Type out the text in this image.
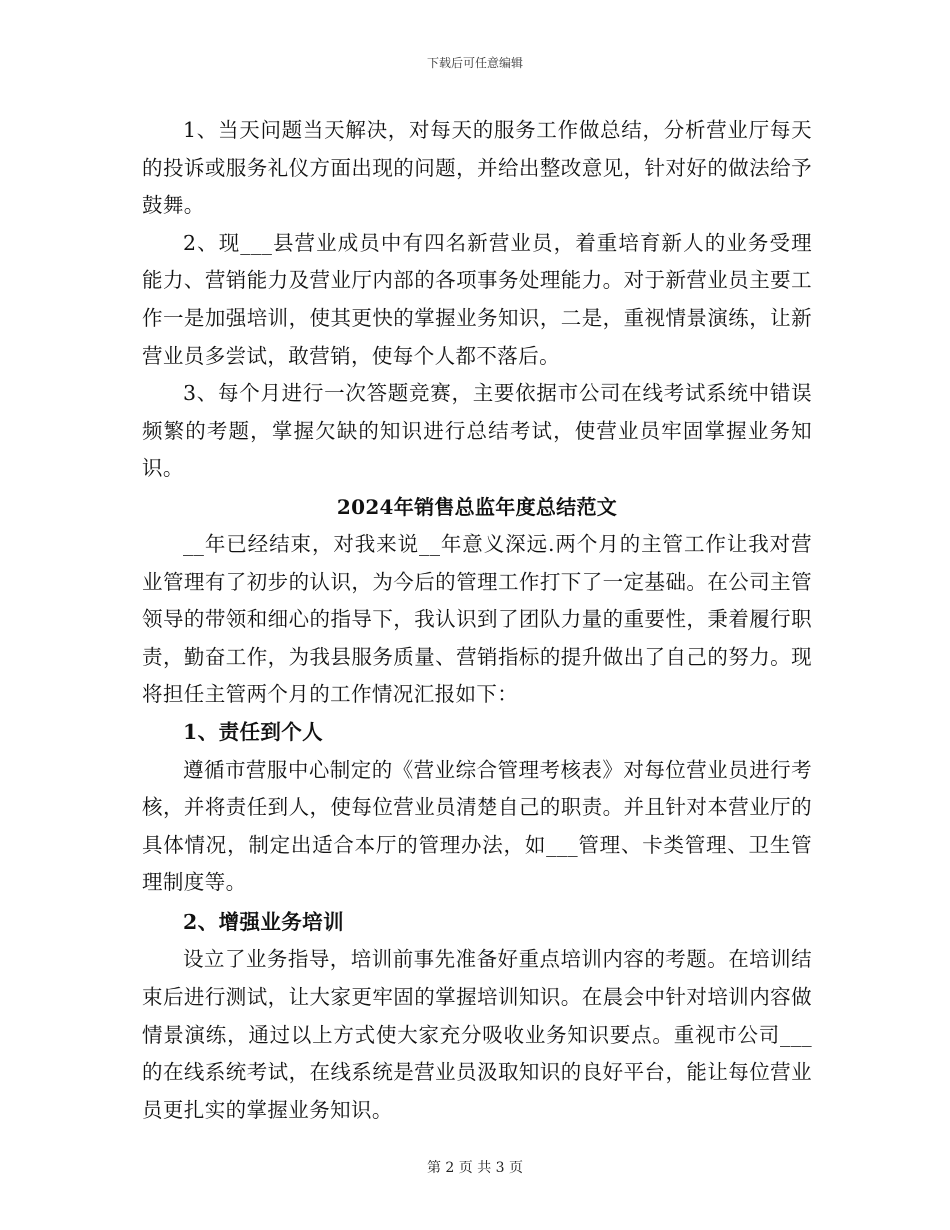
下载后可任意编辑

1、当天问题当天解决，对每天的服务工作做总结，分析营业厅每天的投诉或服务礼仪方面出现的问题，并给出整改意见，针对好的做法给予鼓舞。

2、现___县营业成员中有四名新营业员，着重培育新人的业务受理能力、营销能力及营业厅内部的各项事务处理能力。对于新营业员主要工作一是加强培训，使其更快的掌握业务知识，二是，重视情景演练，让新营业员多尝试，敢营销，使每个人都不落后。

3、每个月进行一次答题竞赛，主要依据市公司在线考试系统中错误频繁的考题，掌握欠缺的知识进行总结考试，使营业员牢固掌握业务知识。

2024年销售总监年度总结范文

__年已经结束，对我来说__年意义深远.两个月的主管工作让我对营业管理有了初步的认识，为今后的管理工作打下了一定基础。在公司主管领导的带领和细心的指导下，我认识到了团队力量的重要性，秉着履行职责，勤奋工作，为我县服务质量、营销指标的提升做出了自己的努力。现将担任主管两个月的工作情况汇报如下：

1、责任到个人

遵循市营服中心制定的《营业综合管理考核表》对每位营业员进行考核，并将责任到人，使每位营业员清楚自己的职责。并且针对本营业厅的具体情况，制定出适合本厅的管理办法，如___管理、卡类管理、卫生管理制度等。

2、增强业务培训

设立了业务指导，培训前事先准备好重点培训内容的考题。在培训结束后进行测试，让大家更牢固的掌握培训知识。在晨会中针对培训内容做情景演练，通过以上方式使大家充分吸收业务知识要点。重视市公司___的在线系统考试，在线系统是营业员汲取知识的良好平台，能让每位营业员更扎实的掌握业务知识。

第 2 页 共 3 页
